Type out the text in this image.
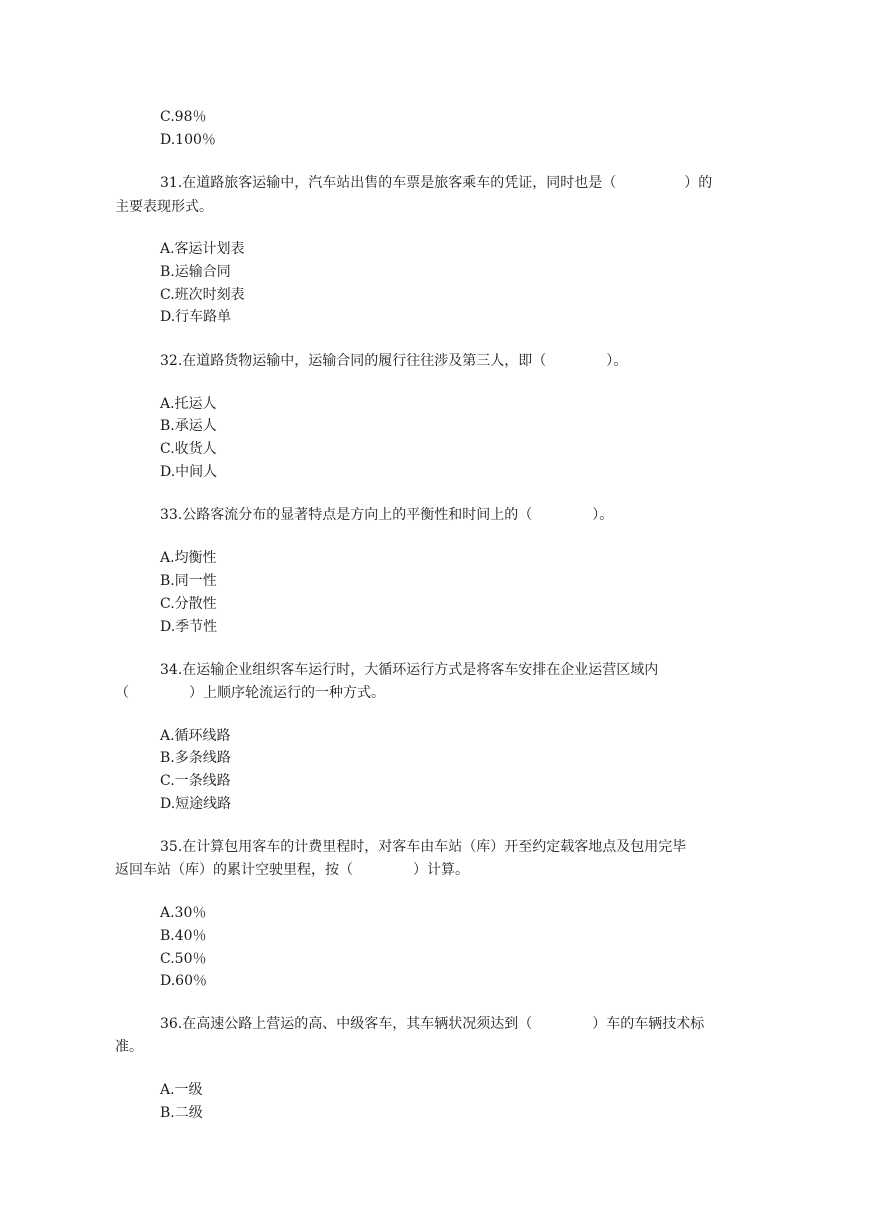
C.98％
D.100％
31.在道路旅客运输中，汽车站出售的车票是旅客乘车的凭证，同时也是（	）的
主要表现形式。
A.客运计划表
B.运输合同
C.班次时刻表
D.行车路单
32.在道路货物运输中，运输合同的履行往往涉及第三人，即（	）。
A.托运人
B.承运人
C.收货人
D.中间人
33.公路客流分布的显著特点是方向上的平衡性和时间上的（	）。
A.均衡性
B.同一性
C.分散性
D.季节性
34.在运输企业组织客车运行时，大循环运行方式是将客车安排在企业运营区域内
（	）上顺序轮流运行的一种方式。
A.循环线路
B.多条线路
C.一条线路
D.短途线路
35.在计算包用客车的计费里程时，对客车由车站（库）开至约定载客地点及包用完毕
返回车站（库）的累计空驶里程，按（	）计算。
A.30％
B.40％
C.50％
D.60％
36.在高速公路上营运的高、中级客车，其车辆状况须达到（	）车的车辆技术标
准。
A.一级
B.二级
